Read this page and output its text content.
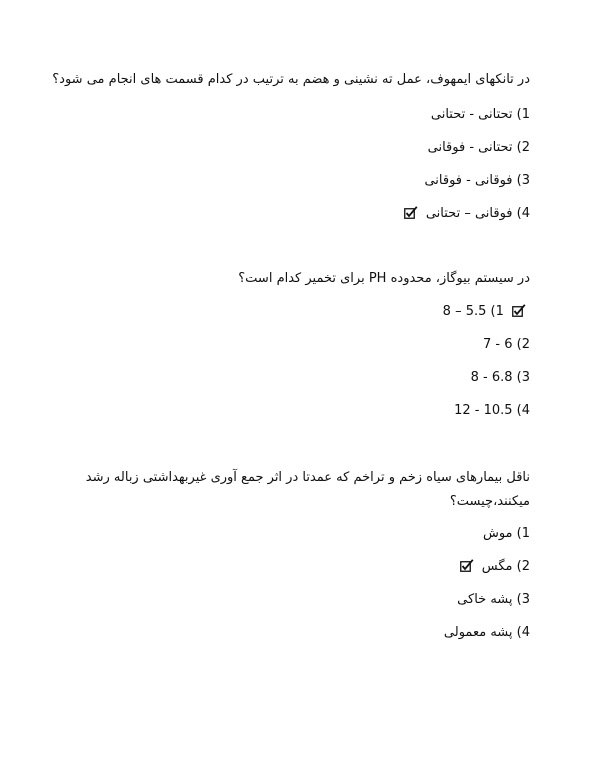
در تانکهای ایمهوف، عمل ته نشینی و هضم به ترتیب در کدام قسمت های انجام می شود؟
1) تحتانی - تحتانی
2) تحتانی - فوقانی
3) فوقانی - فوقانی
4) فوقانی – تحتانی
در سیستم بیوگاز، محدوده PH برای تخمیر کدام است؟
8 – 5.5 (1
7 - 6 (2
8 - 6.8 (3
12 - 10.5 (4
ناقل بیمارهای سیاه زخم و تراخم که عمدتا در اثر جمع آوری غیربهداشتی زباله رشد میکنند،چیست؟
1) موش
2) مگس
3) پشه خاکی
4) پشه معمولی
